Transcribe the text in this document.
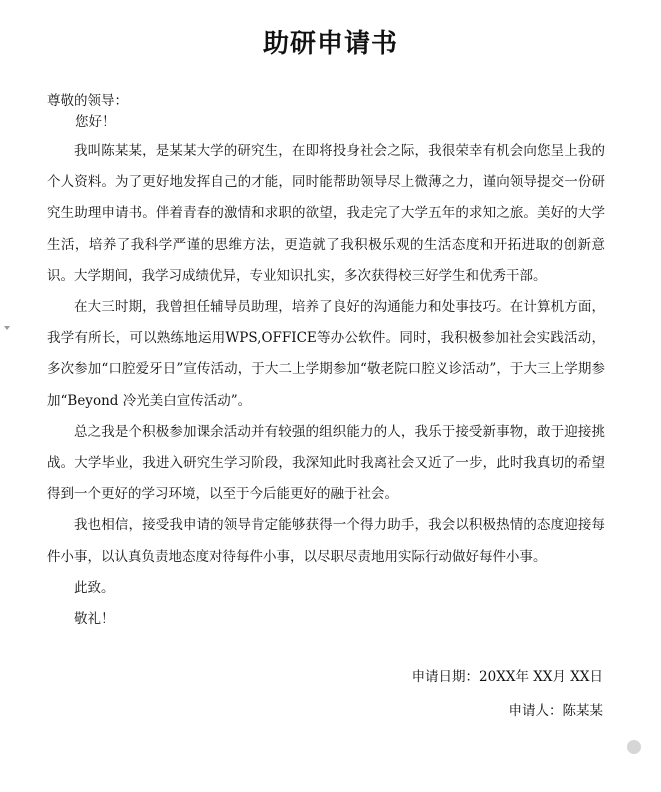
助研申请书
尊敬的领导：
您好！

我叫陈某某，是某某大学的研究生，在即将投身社会之际，我很荣幸有机会向您呈上我的个人资料。为了更好地发挥自己的才能，同时能帮助领导尽上微薄之力，谨向领导提交一份研究生助理申请书。伴着青春的激情和求职的欲望，我走完了大学五年的求知之旅。美好的大学生活，培养了我科学严谨的思维方法，更造就了我积极乐观的生活态度和开拓进取的创新意识。大学期间，我学习成绩优异，专业知识扎实，多次获得校三好学生和优秀干部。

在大三时期，我曾担任辅导员助理，培养了良好的沟通能力和处事技巧。在计算机方面，我学有所长，可以熟练地运用WPS,OFFICE等办公软件。同时，我积极参加社会实践活动，多次参加“口腔爱牙日”宣传活动，于大二上学期参加“敬老院口腔义诊活动”，于大三上学期参加“Beyond 冷光美白宣传活动”。

总之我是个积极参加课余活动并有较强的组织能力的人，我乐于接受新事物，敢于迎接挑战。大学毕业，我进入研究生学习阶段，我深知此时我离社会又近了一步，此时我真切的希望得到一个更好的学习环境，以至于今后能更好的融于社会。

我也相信，接受我申请的领导肯定能够获得一个得力助手，我会以积极热情的态度迎接每件小事，以认真负责地态度对待每件小事，以尽职尽责地用实际行动做好每件小事。

此致。

敬礼！

申请日期：20XX年 XX月 XX日
申请人：陈某某
